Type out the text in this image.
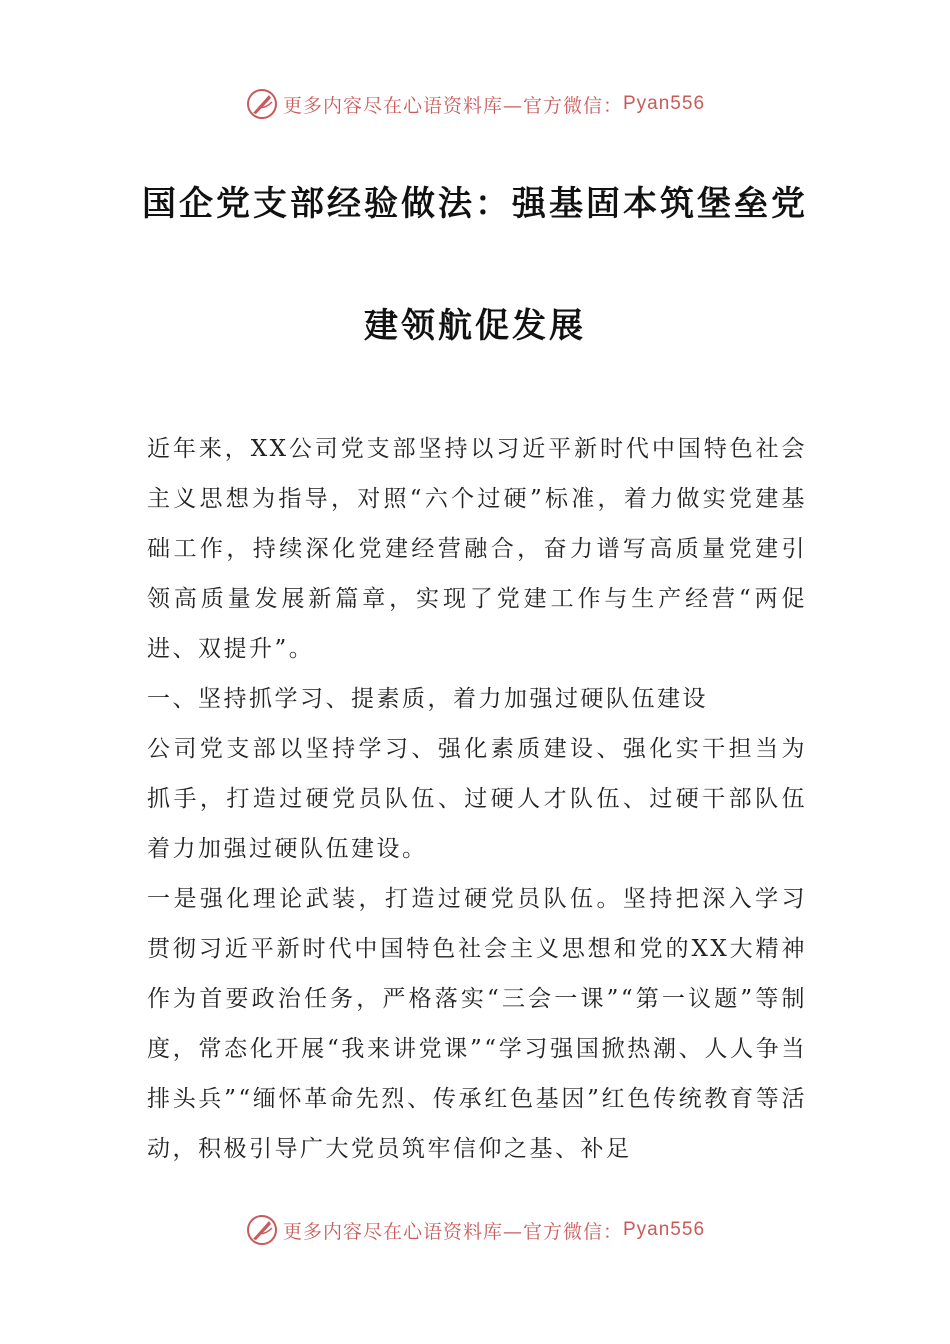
更多内容尽在心语资料库—官方微信： Pyan556
国企党支部经验做法：强基固本筑堡垒党
建领航促发展

近年来，XX公司党支部坚持以习近平新时代中国特色社会主义思想为指导，对照“六个过硬”标准，着力做实党建基础工作，持续深化党建经营融合，奋力谱写高质量党建引领高质量发展新篇章，实现了党建工作与生产经营“两促进、双提升”。

一、坚持抓学习、提素质，着力加强过硬队伍建设

公司党支部以坚持学习、强化素质建设、强化实干担当为抓手，打造过硬党员队伍、过硬人才队伍、过硬干部队伍着力加强过硬队伍建设。

一是强化理论武装，打造过硬党员队伍。坚持把深入学习贯彻习近平新时代中国特色社会主义思想和党的XX大精神作为首要政治任务，严格落实“三会一课”“第一议题”等制度，常态化开展“我来讲党课”“学习强国掀热潮、人人争当排头兵”“缅怀革命先烈、传承红色基因”红色传统教育等活动，积极引导广大党员筑牢信仰之基、补足

更多内容尽在心语资料库—官方微信： Pyan556
